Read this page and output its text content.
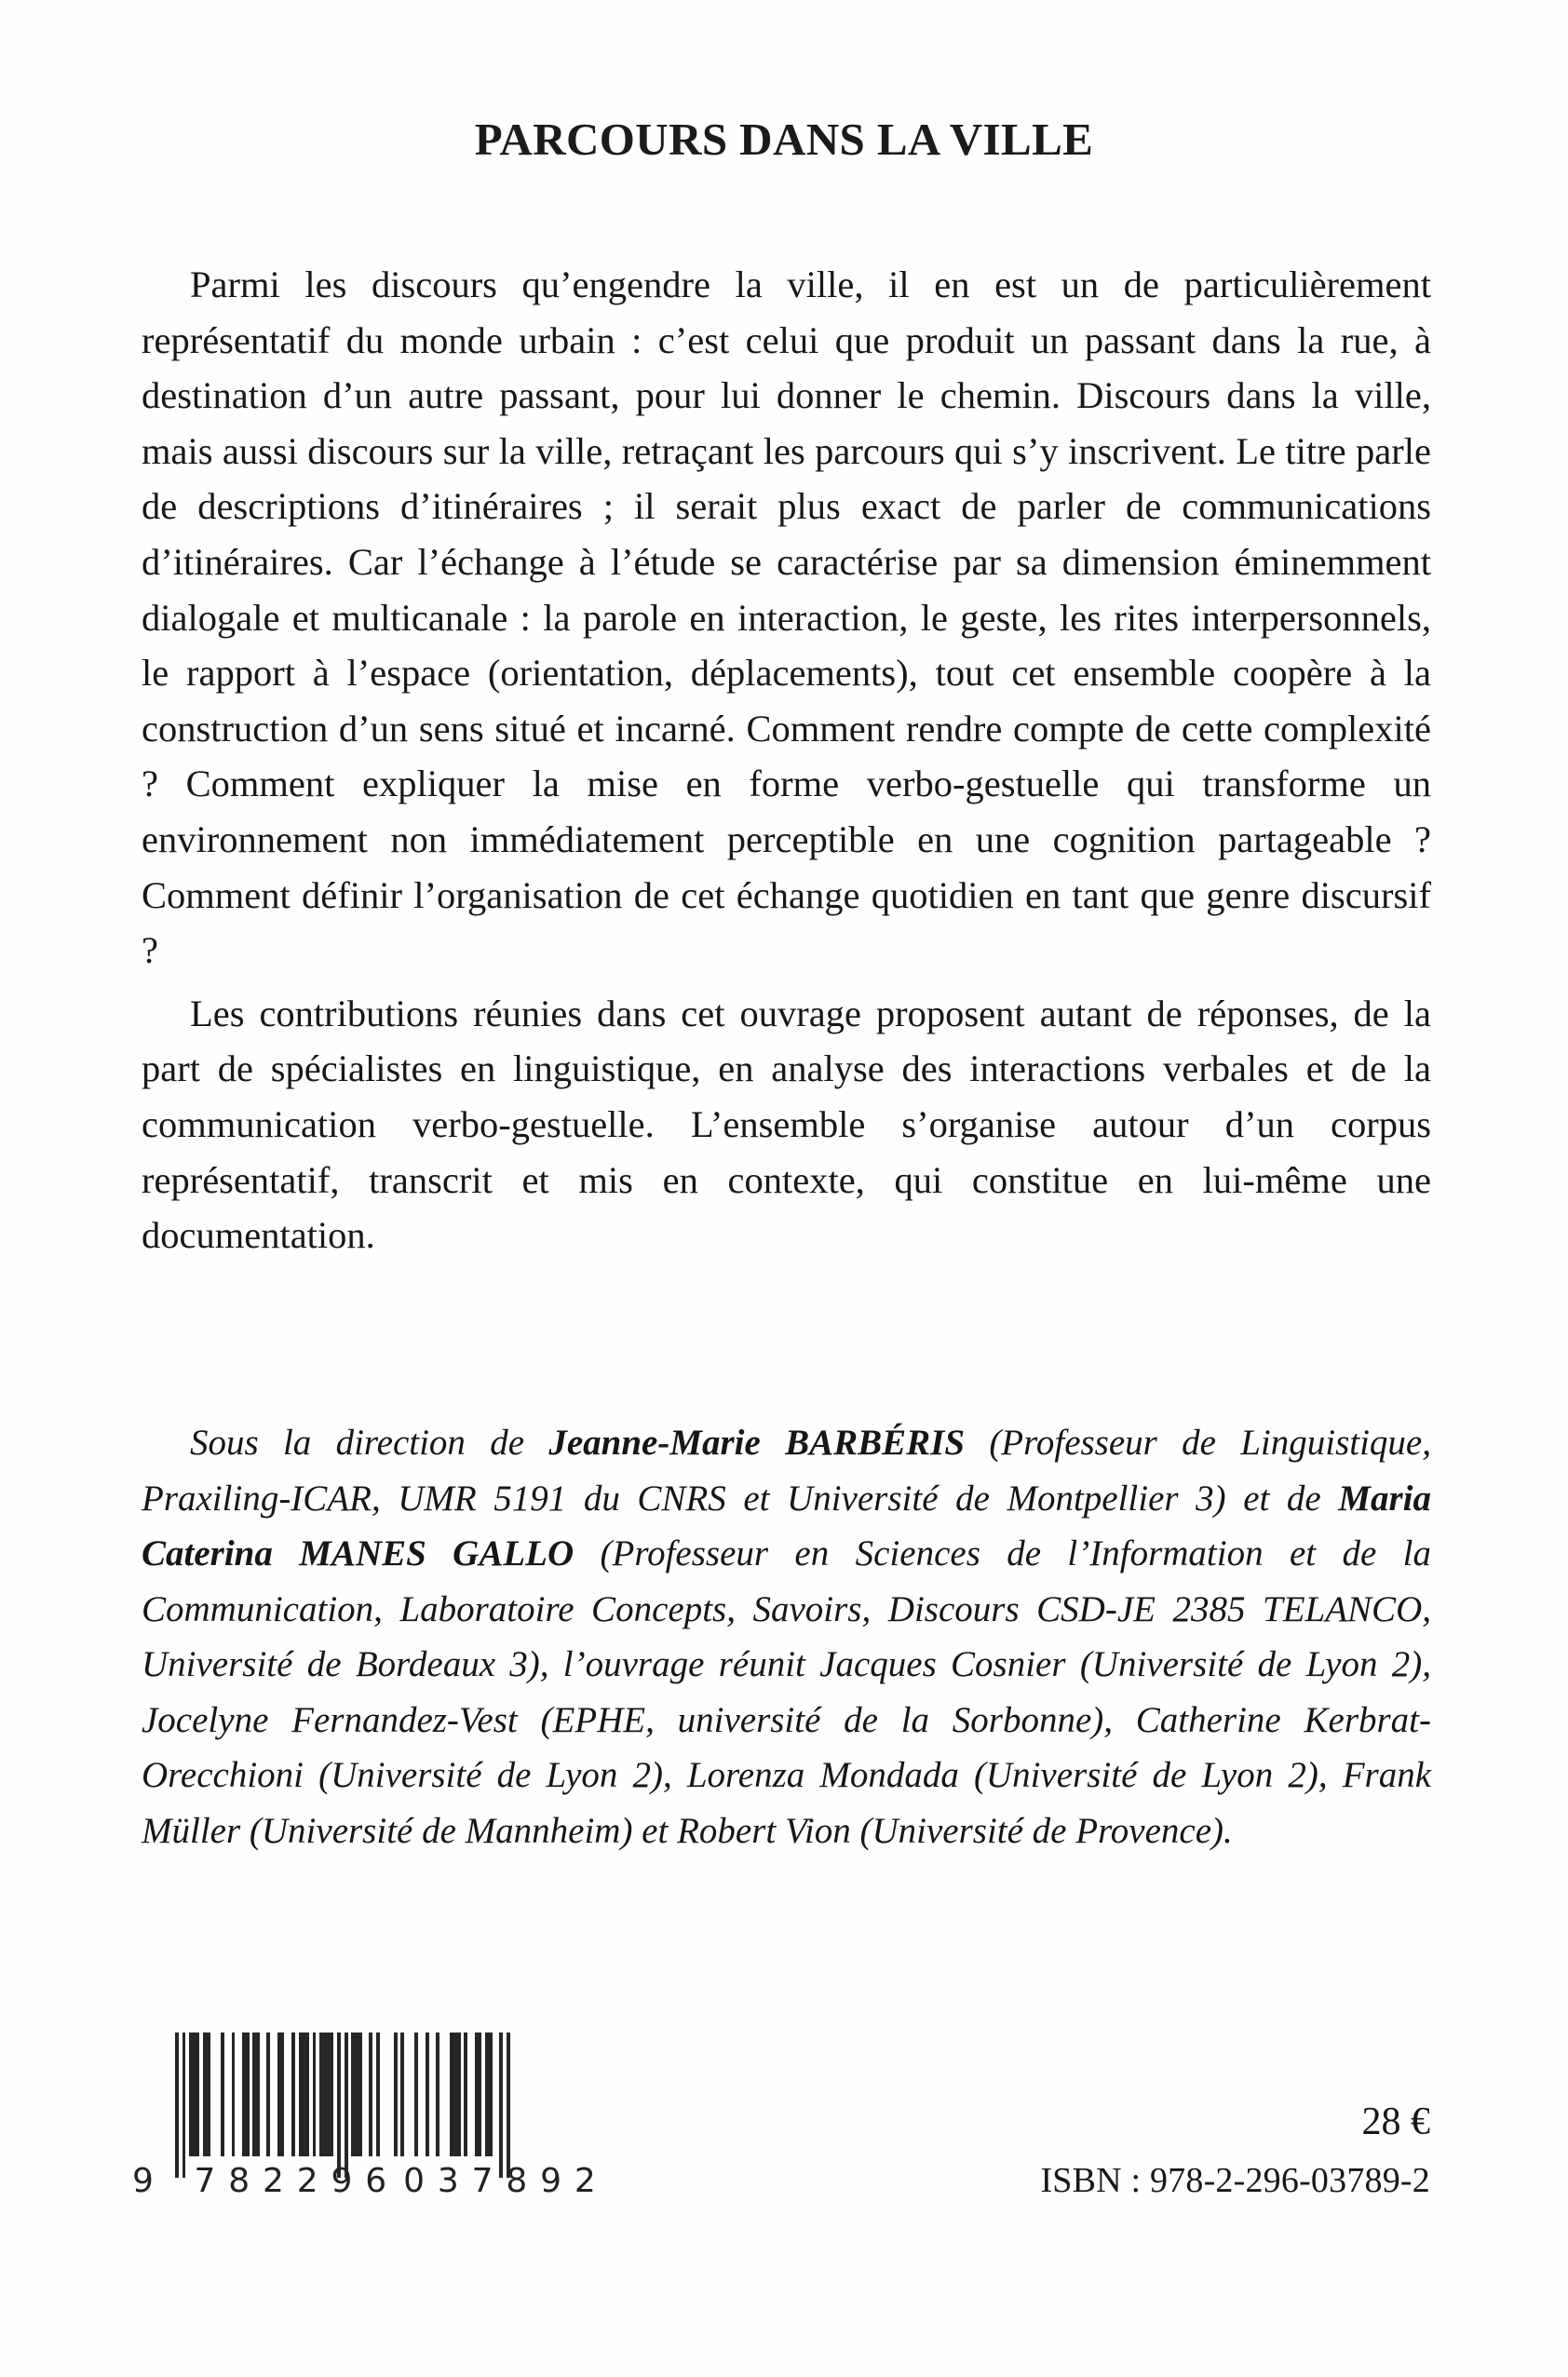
PARCOURS DANS LA VILLE

Parmi les discours qu’engendre la ville, il en est un de particulièrement représentatif du monde urbain : c’est celui que produit un passant dans la rue, à destination d’un autre passant, pour lui donner le chemin. Discours dans la ville, mais aussi discours sur la ville, retraçant les parcours qui s’y inscrivent. Le titre parle de descriptions d’itinéraires ; il serait plus exact de parler de communications d’itinéraires. Car l’échange à l’étude se caractérise par sa dimension éminemment dialogale et multicanale : la parole en interaction, le geste, les rites interpersonnels, le rapport à l’espace (orientation, déplacements), tout cet ensemble coopère à la construction d’un sens situé et incarné. Comment rendre compte de cette complexité ? Comment expliquer la mise en forme verbo-gestuelle qui transforme un environnement non immédiatement perceptible en une cognition partageable ? Comment définir l’organisation de cet échange quotidien en tant que genre discursif ?

Les contributions réunies dans cet ouvrage proposent autant de réponses, de la part de spécialistes en linguistique, en analyse des interactions verbales et de la communication verbo-gestuelle. L’ensemble s’organise autour d’un corpus représentatif, transcrit et mis en contexte, qui constitue en lui-même une documentation.

Sous la direction de Jeanne-Marie BARBÉRIS (Professeur de Linguistique, Praxiling-ICAR, UMR 5191 du CNRS et Université de Montpellier 3) et de Maria Caterina MANES GALLO (Professeur en Sciences de l’Information et de la Communication, Laboratoire Concepts, Savoirs, Discours CSD-JE 2385 TELANCO, Université de Bordeaux 3), l’ouvrage réunit Jacques Cosnier (Université de Lyon 2), Jocelyne Fernandez-Vest (EPHE, université de la Sorbonne), Catherine Kerbrat-Orecchioni (Université de Lyon 2), Lorenza Mondada (Université de Lyon 2), Frank Müller (Université de Mannheim) et Robert Vion (Université de Provence).
9  7 8 2 2 9 6  0 3 7 8 9 2
28 €
ISBN : 978-2-296-03789-2
